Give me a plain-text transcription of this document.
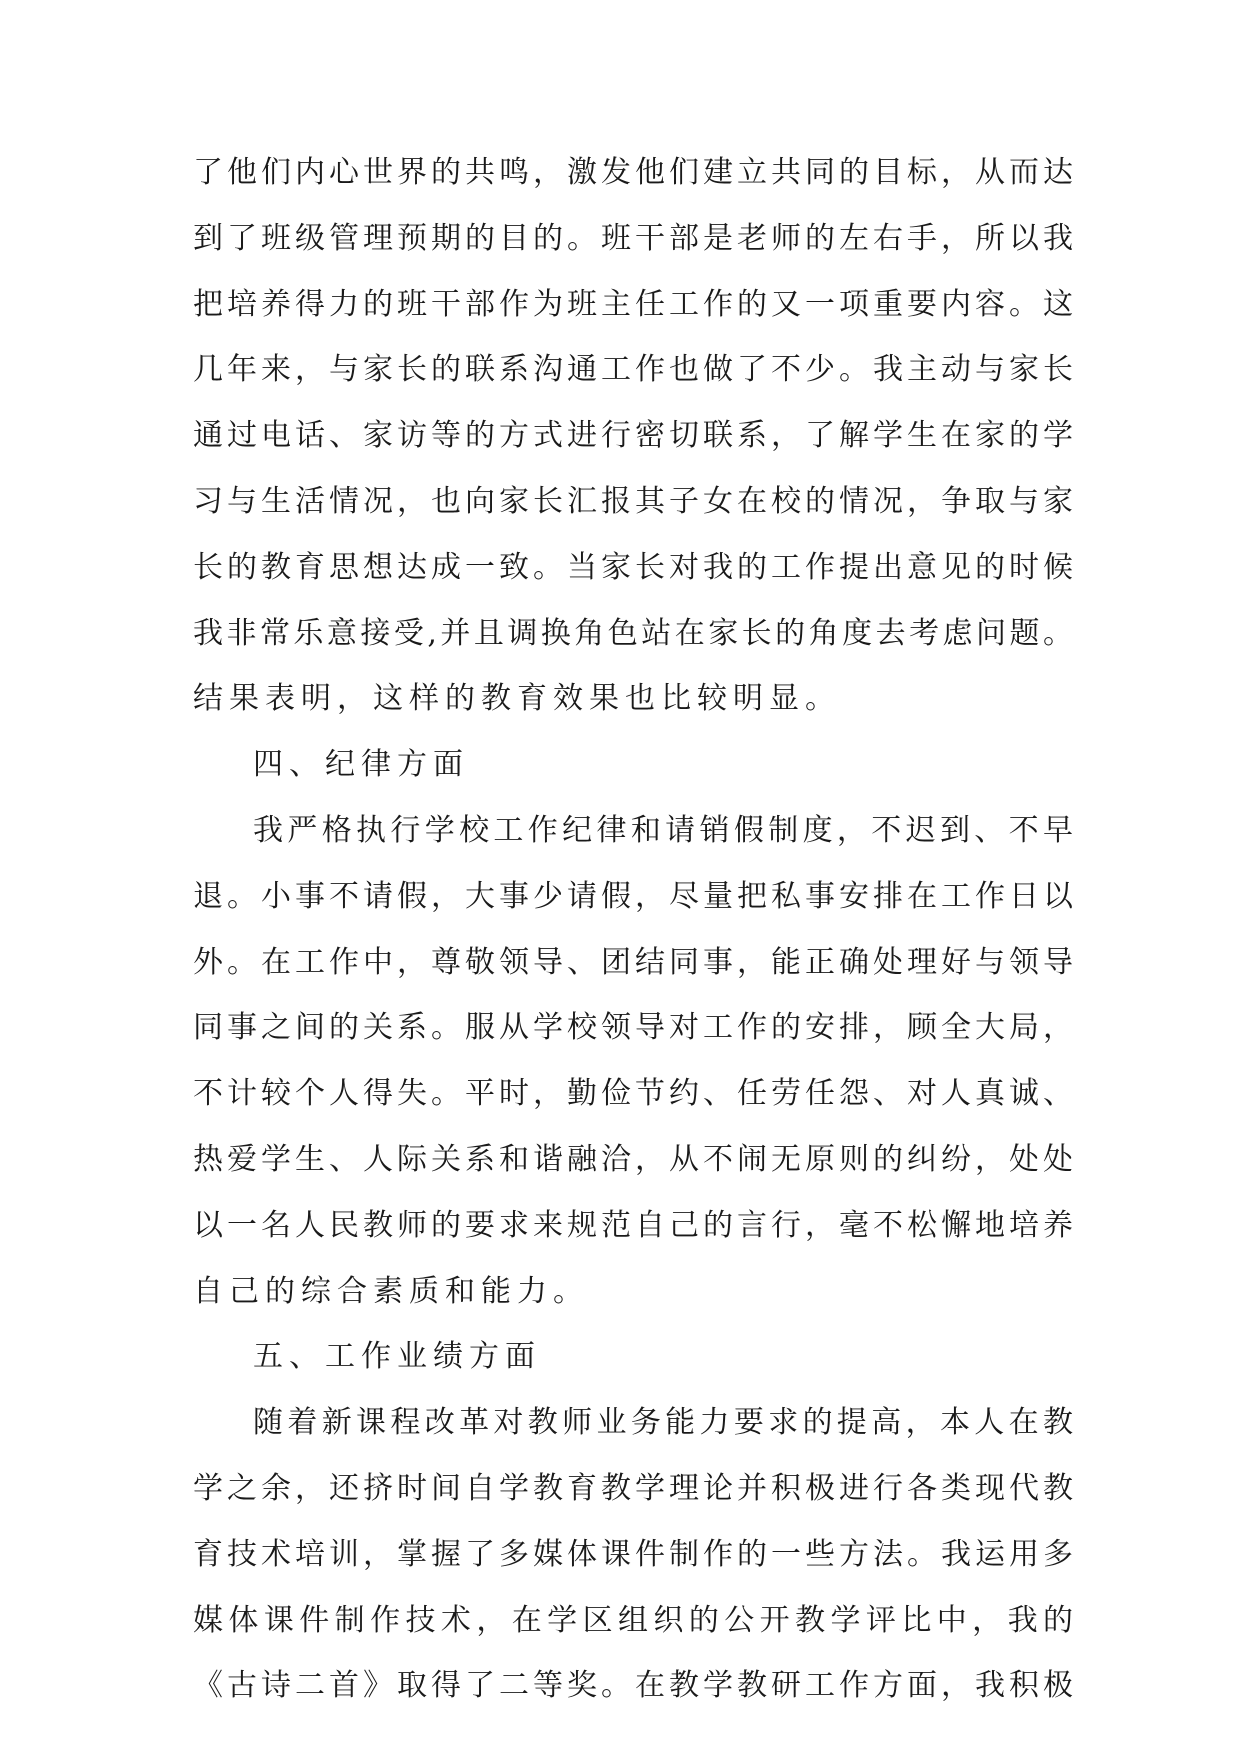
了他们内心世界的共鸣，激发他们建立共同的目标，从而达
到了班级管理预期的目的。班干部是老师的左右手，所以我
把培养得力的班干部作为班主任工作的又一项重要内容。这
几年来，与家长的联系沟通工作也做了不少。我主动与家长
通过电话、家访等的方式进行密切联系，了解学生在家的学
习与生活情况，也向家长汇报其子女在校的情况，争取与家
长的教育思想达成一致。当家长对我的工作提出意见的时候
我非常乐意接受,并且调换角色站在家长的角度去考虑问题。
结果表明，这样的教育效果也比较明显。
四、纪律方面
我严格执行学校工作纪律和请销假制度，不迟到、不早
退。小事不请假，大事少请假，尽量把私事安排在工作日以
外。在工作中，尊敬领导、团结同事，能正确处理好与领导
同事之间的关系。服从学校领导对工作的安排，顾全大局，
不计较个人得失。平时，勤俭节约、任劳任怨、对人真诚、
热爱学生、人际关系和谐融洽，从不闹无原则的纠纷，处处
以一名人民教师的要求来规范自己的言行，毫不松懈地培养
自己的综合素质和能力。
五、工作业绩方面
随着新课程改革对教师业务能力要求的提高，本人在教
学之余，还挤时间自学教育教学理论并积极进行各类现代教
育技术培训，掌握了多媒体课件制作的一些方法。我运用多
媒体课件制作技术，在学区组织的公开教学评比中，我的
《古诗二首》取得了二等奖。在教学教研工作方面，我积极
